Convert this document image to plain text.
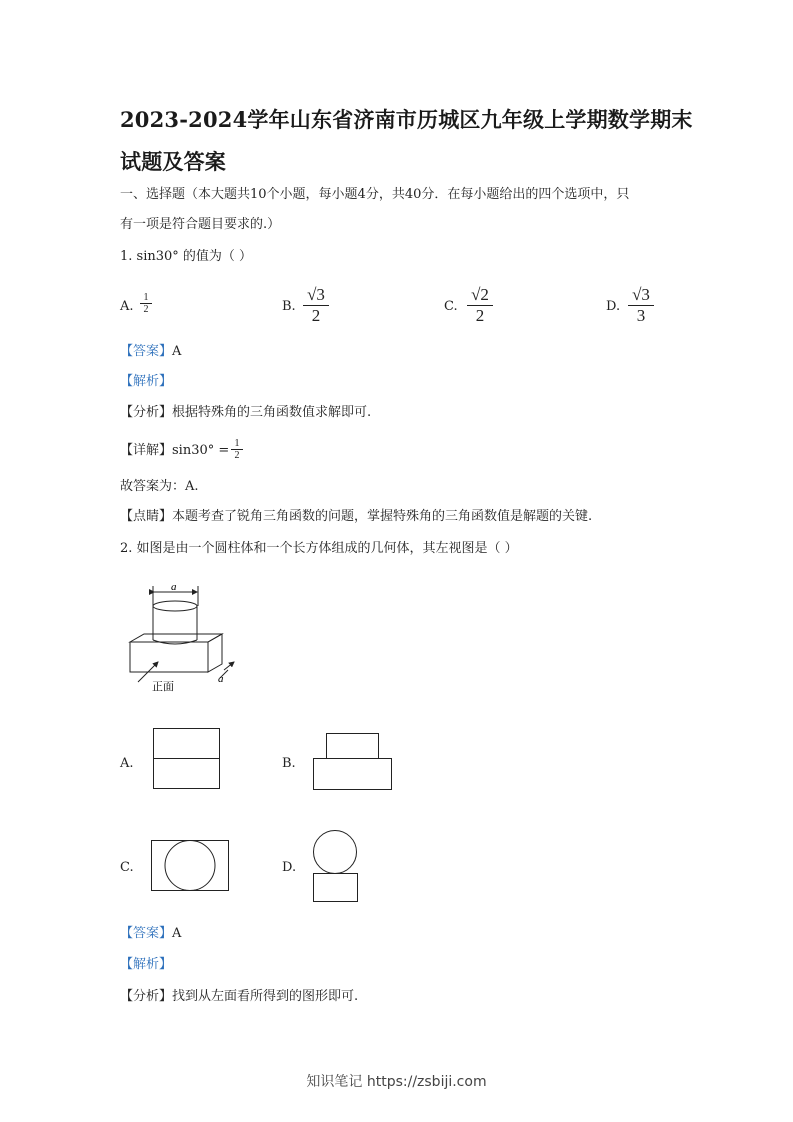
2023-2024学年山东省济南市历城区九年级上学期数学期末
试题及答案
一、选择题（本大题共10个小题，每小题4分，共40分．在每小题给出的四个选项中，只
有一项是符合题目要求的.）
1. sin30° 的值为（ ）
A.
1
2	B.
√3
2	C.
√2
2	D.
√3
3
【答案】A
【解析】
【分析】根据特殊角的三角函数值求解即可.
【详解】sin30° = 1
2
故答案为：A.
【点睛】本题考查了锐角三角函数的问题，掌握特殊角的三角函数值是解题的关键.
2. 如图是由一个圆柱体和一个长方体组成的几何体，其左视图是（ ）
a
正面
a
A.	B.
C.	D.
【答案】A
【解析】
【分析】找到从左面看所得到的图形即可.
知识笔记 https://zsbiji.com
